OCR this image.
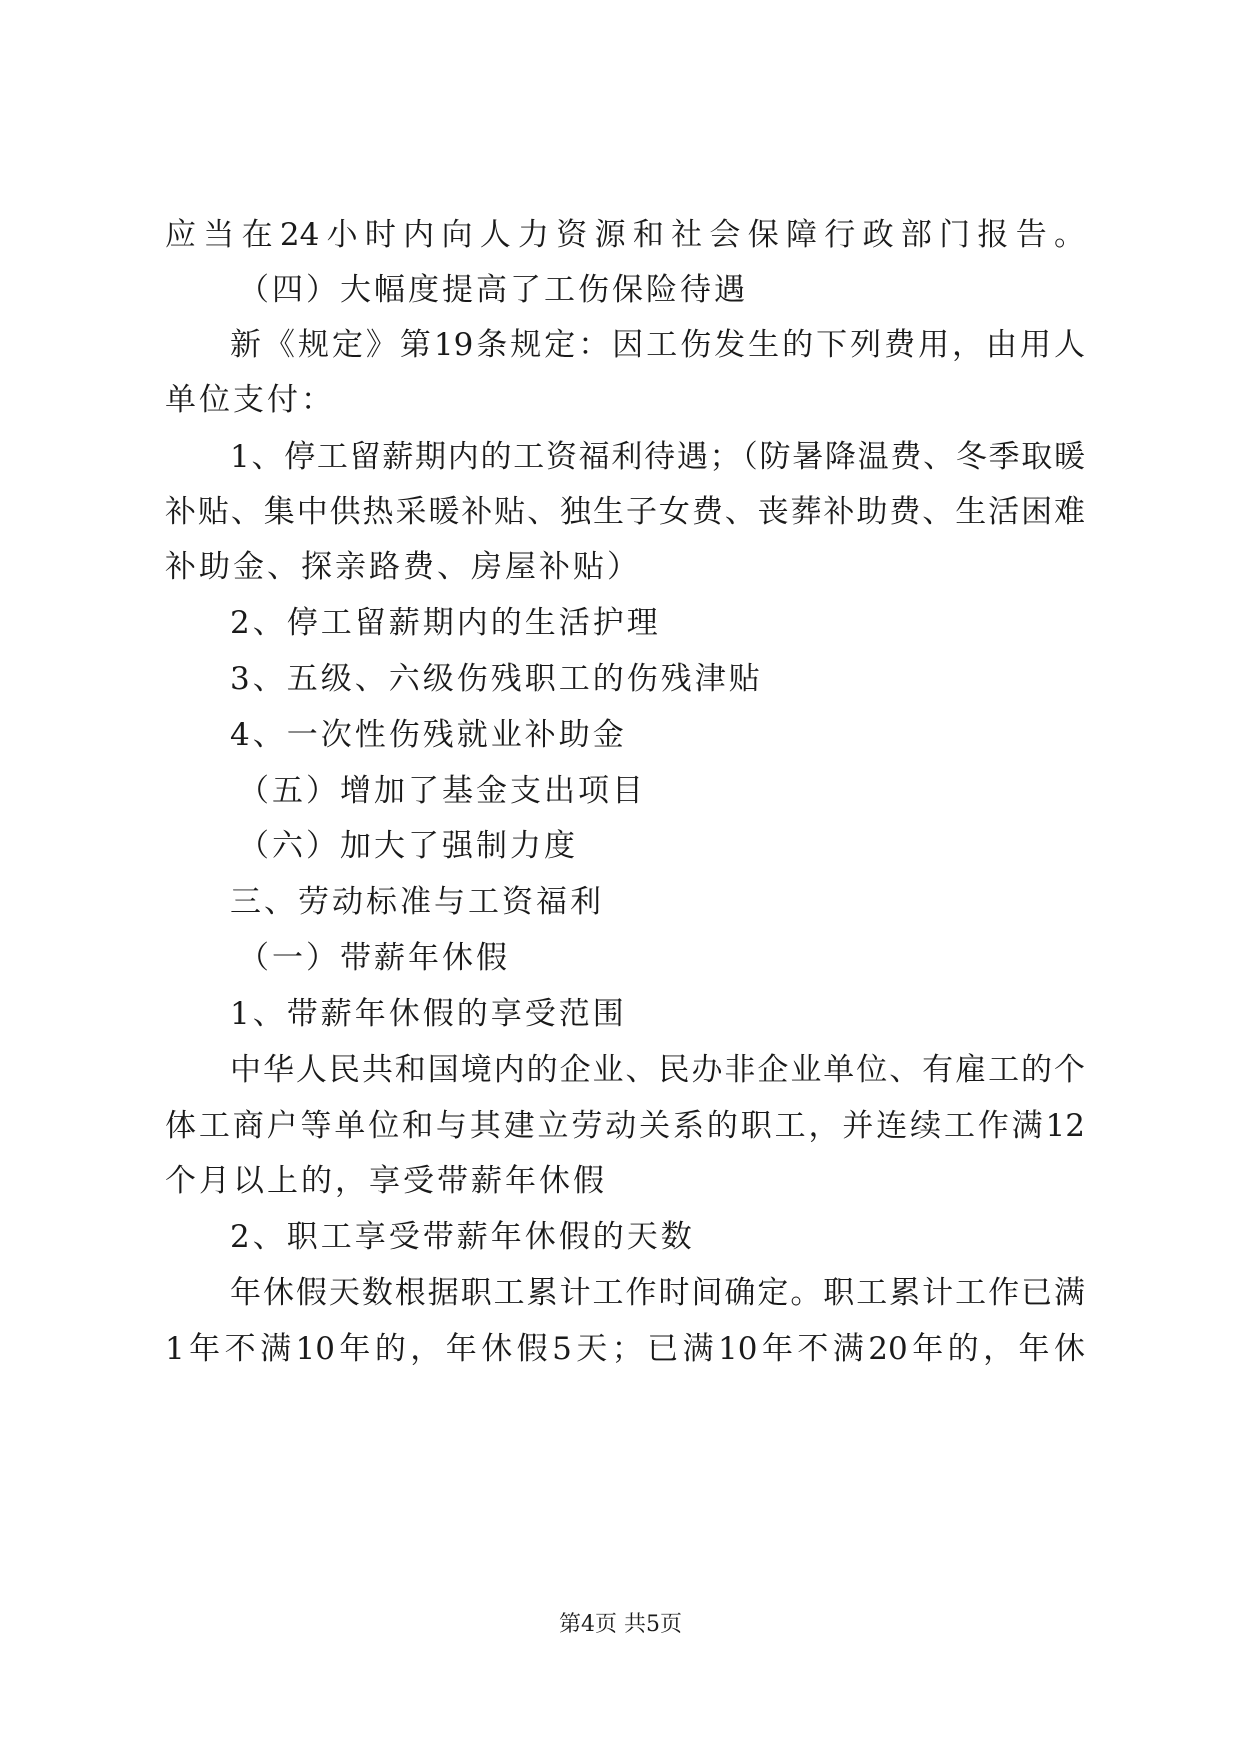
应当在24小时内向人力资源和社会保障行政部门报告。
（四）大幅度提高了工伤保险待遇
新《规定》第19条规定：因工伤发生的下列费用，由用人
单位支付：
1、停工留薪期内的工资福利待遇；（防暑降温费、冬季取暖
补贴、集中供热采暖补贴、独生子女费、丧葬补助费、生活困难
补助金、探亲路费、房屋补贴）
2、停工留薪期内的生活护理
3、五级、六级伤残职工的伤残津贴
4、一次性伤残就业补助金
（五）增加了基金支出项目
（六）加大了强制力度
三、劳动标准与工资福利
（一）带薪年休假
1、带薪年休假的享受范围
中华人民共和国境内的企业、民办非企业单位、有雇工的个
体工商户等单位和与其建立劳动关系的职工，并连续工作满12
个月以上的，享受带薪年休假
2、职工享受带薪年休假的天数
年休假天数根据职工累计工作时间确定。职工累计工作已满
1年不满10年的，年休假5天；已满10年不满20年的，年休
第4页 共5页
